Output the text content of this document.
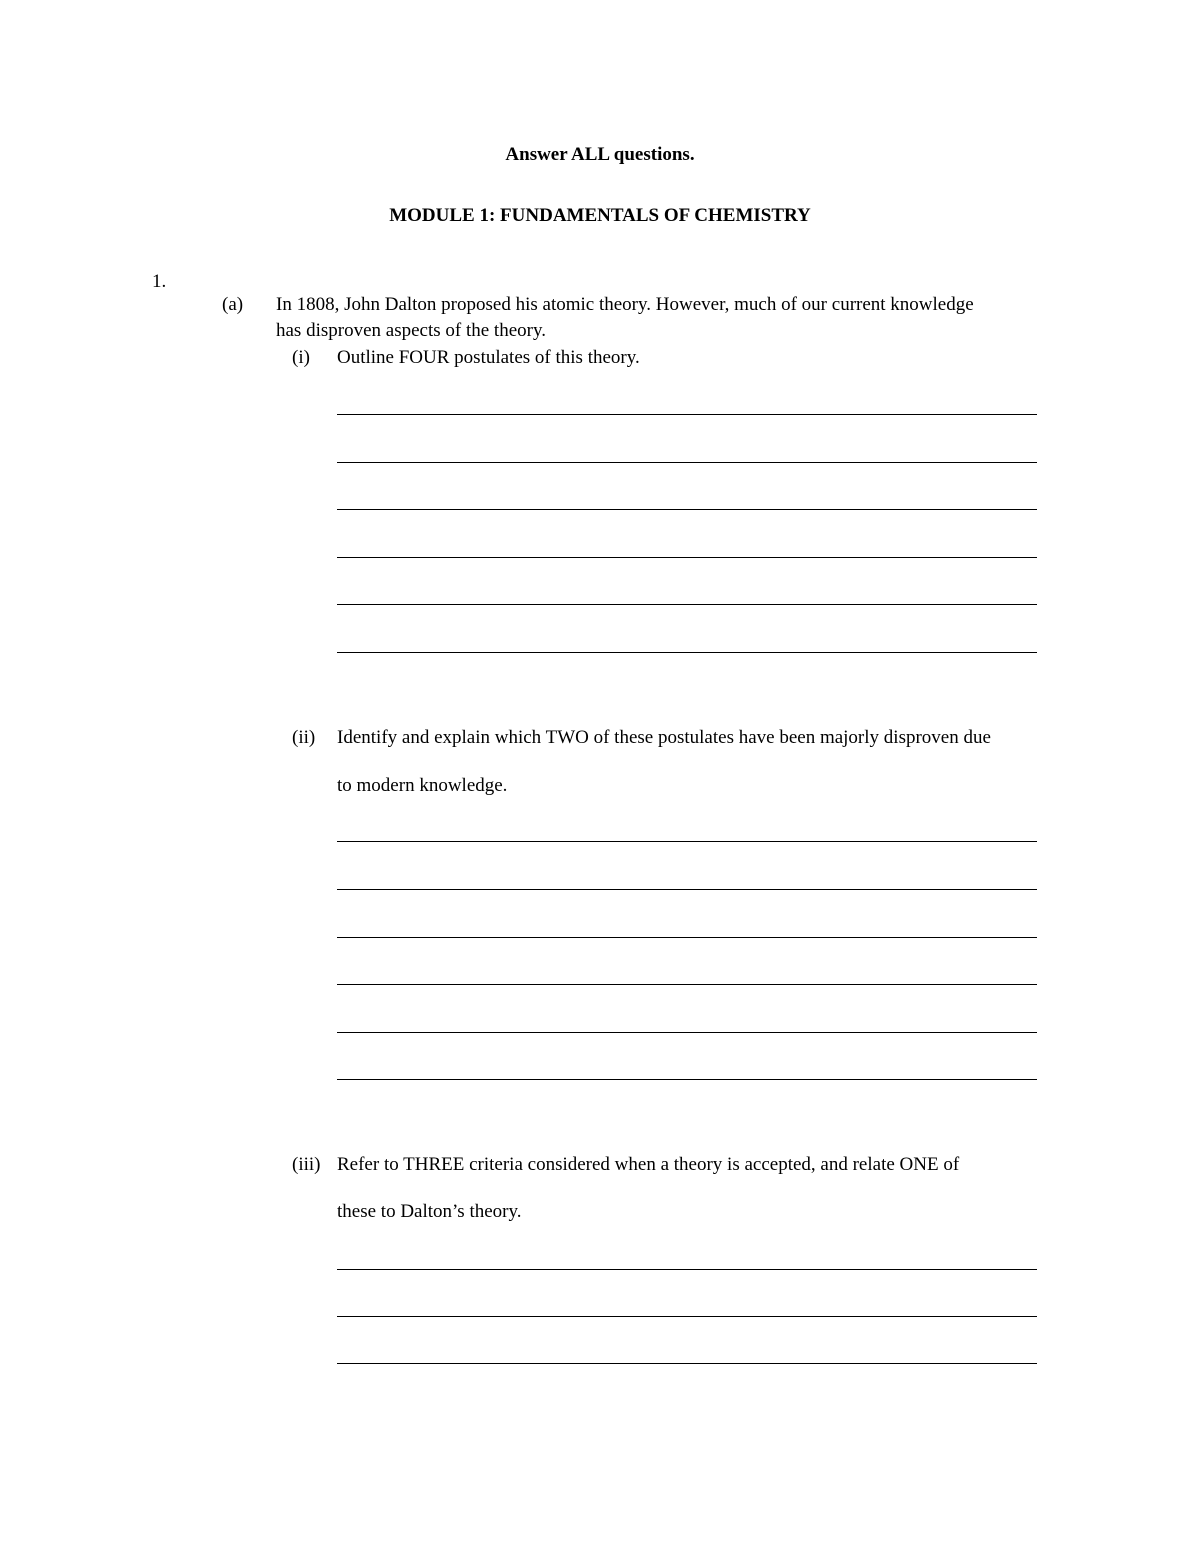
Answer ALL questions.
MODULE 1: FUNDAMENTALS OF CHEMISTRY
1.
(a) In 1808, John Dalton proposed his atomic theory. However, much of our current knowledge
has disproven aspects of the theory.
(i) Outline FOUR postulates of this theory.
(ii) Identify and explain which TWO of these postulates have been majorly disproven due
to modern knowledge.
(iii) Refer to THREE criteria considered when a theory is accepted, and relate ONE of
these to Dalton’s theory.
